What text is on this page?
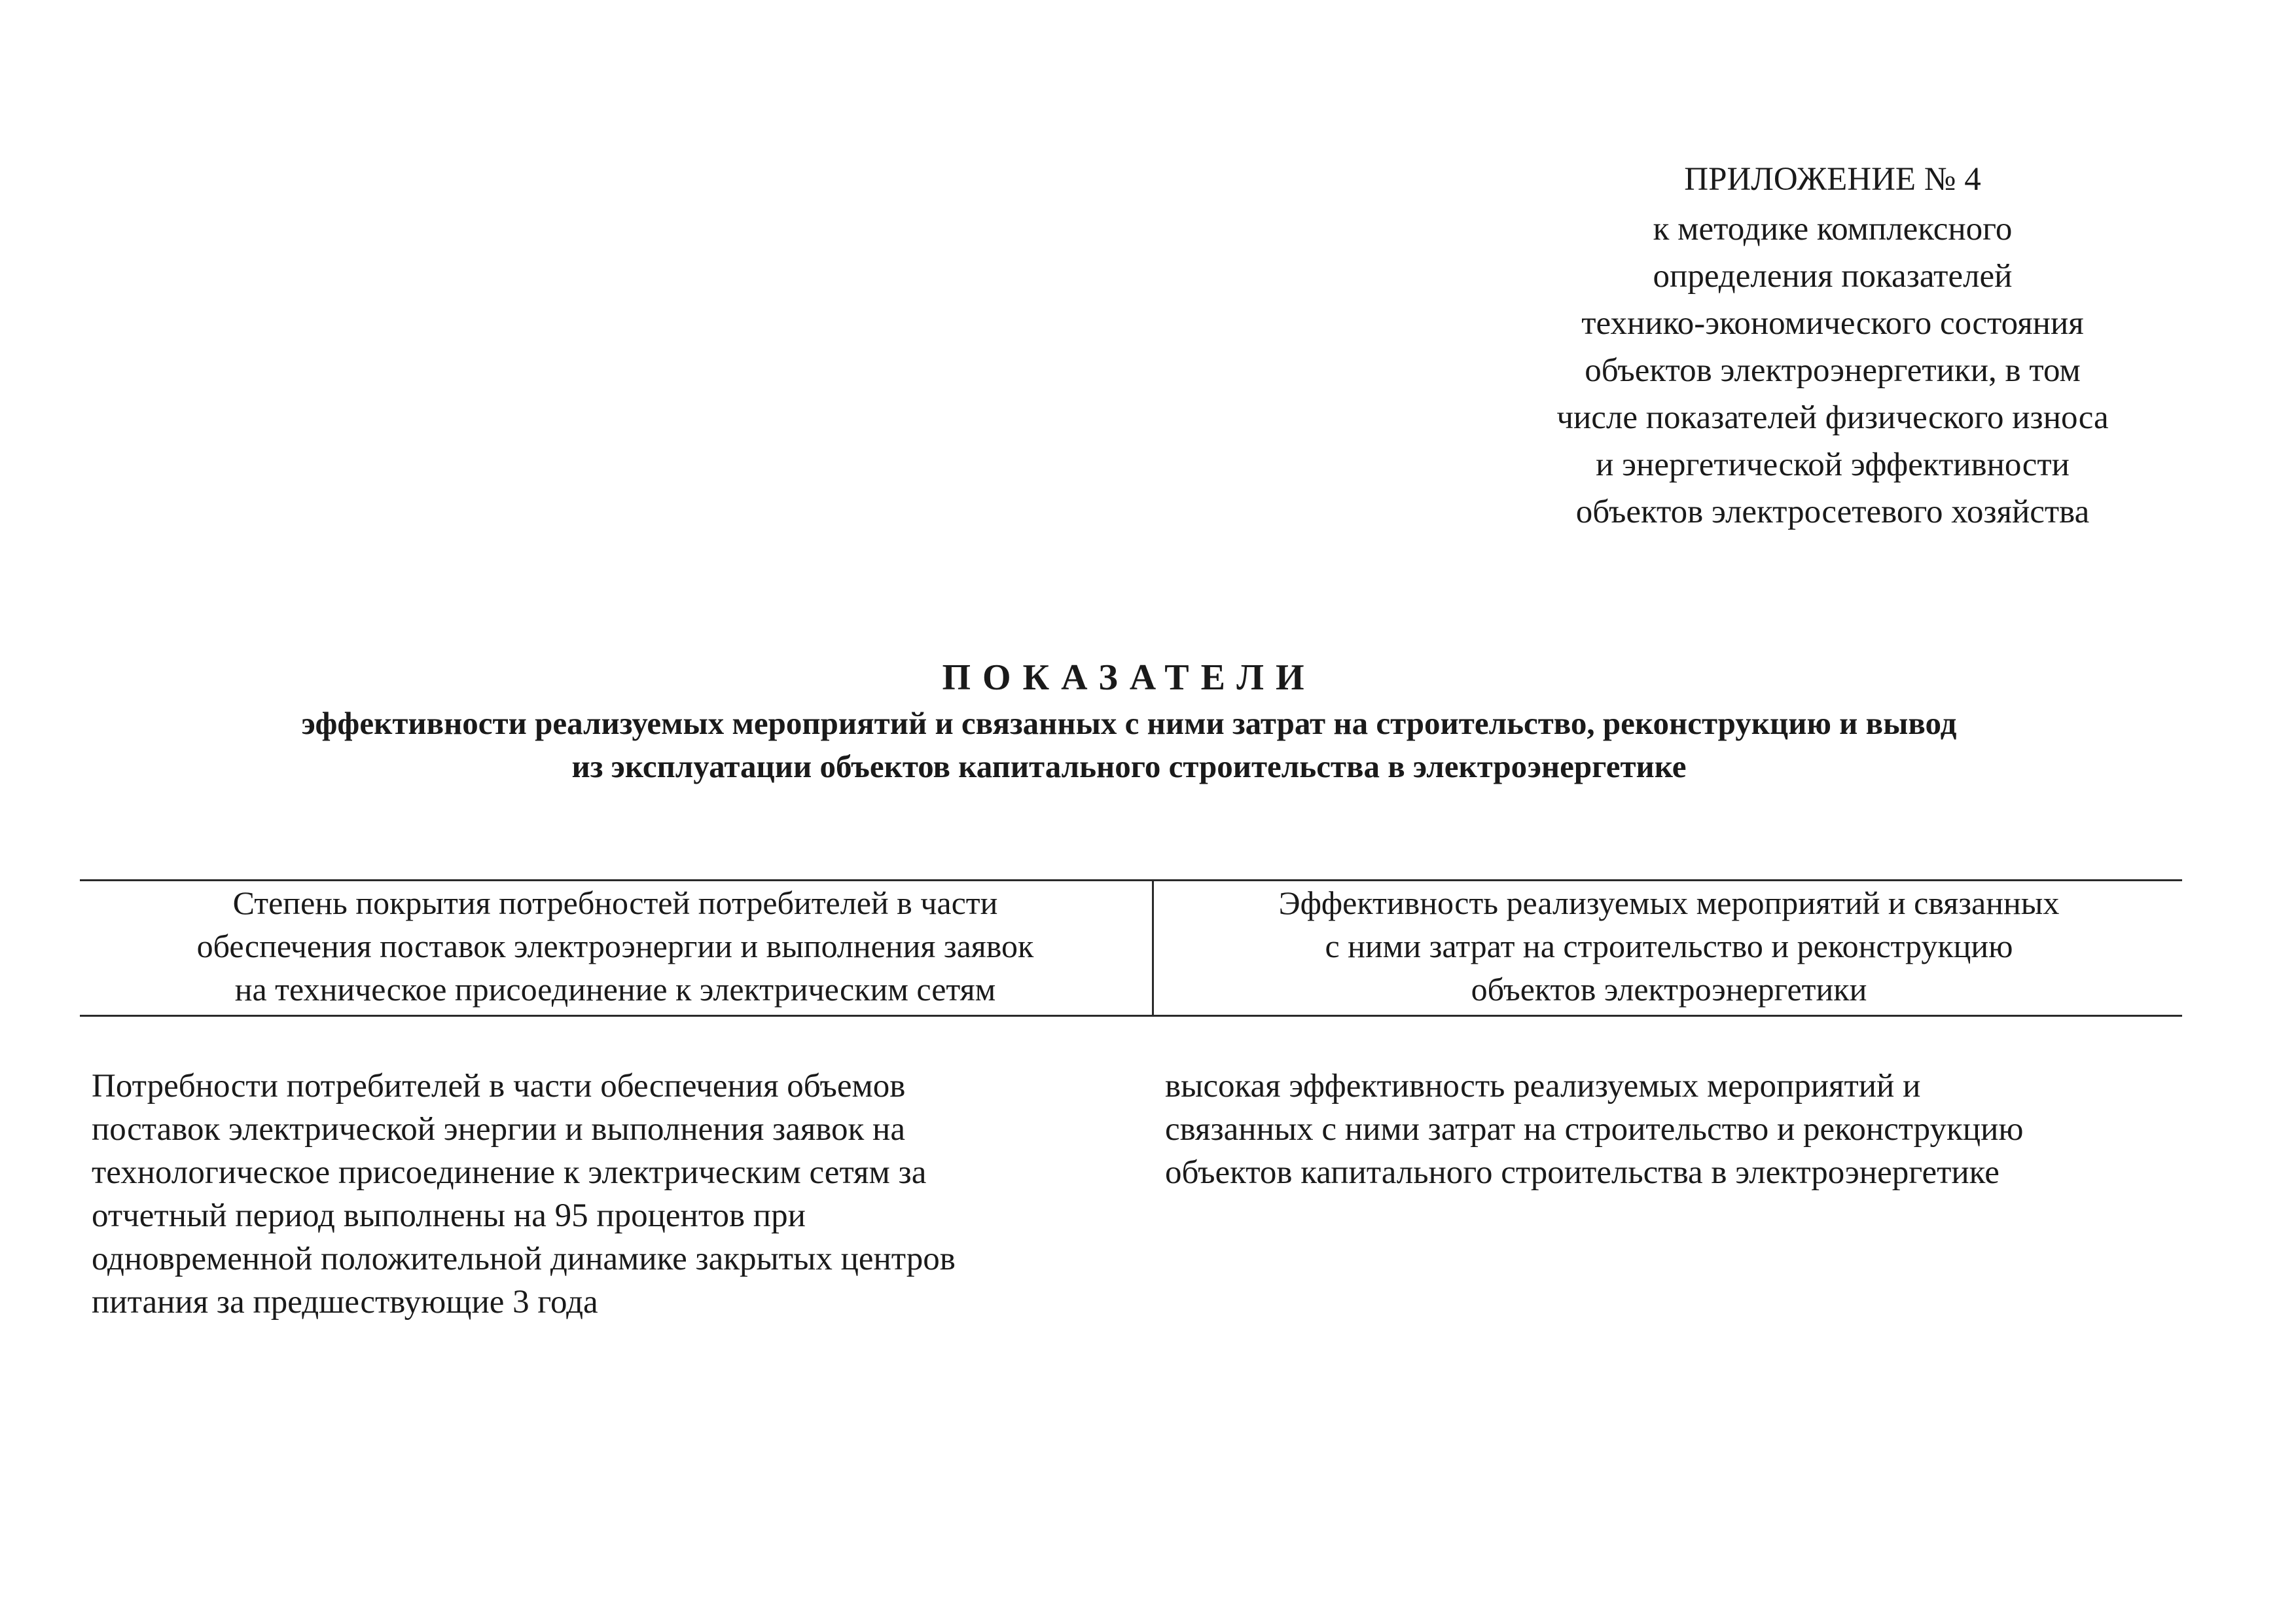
ПРИЛОЖЕНИЕ № 4
к методике комплексного
определения показателей
технико-экономического состояния
объектов электроэнергетики, в том
числе показателей физического износа
и энергетической эффективности
объектов электросетевого хозяйства
ПОКАЗАТЕЛИ
эффективности реализуемых мероприятий и связанных с ними затрат на строительство, реконструкцию и вывод
из эксплуатации объектов капитального строительства в электроэнергетике
Степень покрытия потребностей потребителей в части
обеспечения поставок электроэнергии и выполнения заявок
на техническое присоединение к электрическим сетям
Эффективность реализуемых мероприятий и связанных
с ними затрат на строительство и реконструкцию
объектов электроэнергетики
Потребности потребителей в части обеспечения объемов
поставок электрической энергии и выполнения заявок на
технологическое присоединение к электрическим сетям за
отчетный период выполнены на 95 процентов при
одновременной положительной динамике закрытых центров
питания за предшествующие 3 года
высокая эффективность реализуемых мероприятий и
связанных с ними затрат на строительство и реконструкцию
объектов капитального строительства в электроэнергетике
